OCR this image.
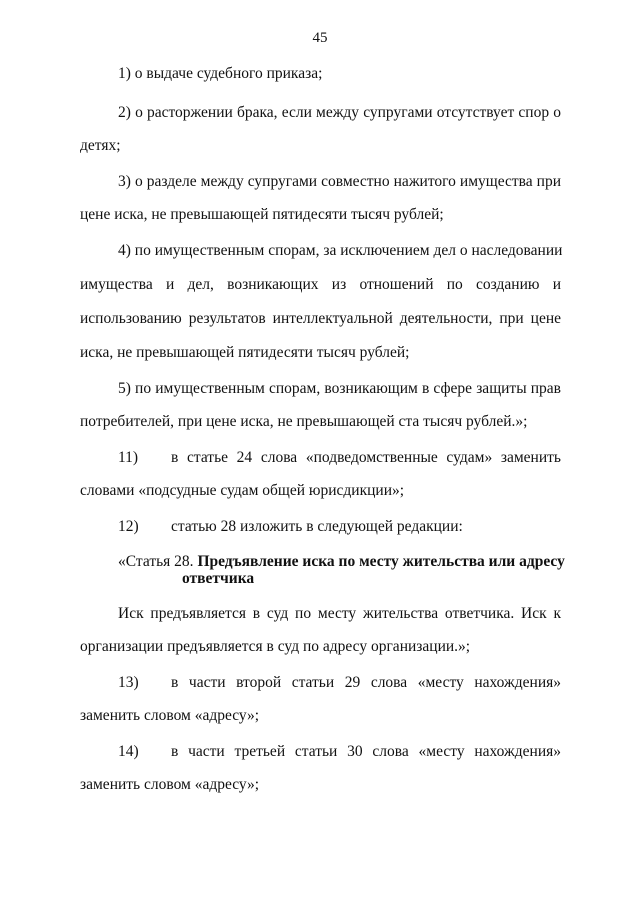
45
1) о выдаче судебного приказа;
2) о расторжении брака, если между супругами отсутствует спор о
детях;
3) о разделе между супругами совместно нажитого имущества при
цене иска, не превышающей пятидесяти тысяч рублей;
4) по имущественным спорам, за исключением дел о наследовании
имущества и дел, возникающих из отношений по созданию и
использованию результатов интеллектуальной деятельности, при цене
иска, не превышающей пятидесяти тысяч рублей;
5) по имущественным спорам, возникающим в сфере защиты прав
потребителей, при цене иска, не превышающей ста тысяч рублей.»;
11) в статье 24 слова «подведомственные судам» заменить
словами «подсудные судам общей юрисдикции»;
12) статью 28 изложить в следующей редакции:
«Статья 28. Предъявление иска по месту жительства или адресу
ответчика
Иск предъявляется в суд по месту жительства ответчика. Иск к
организации предъявляется в суд по адресу организации.»;
13) в части второй статьи 29 слова «месту нахождения»
заменить словом «адресу»;
14) в части третьей статьи 30 слова «месту нахождения»
заменить словом «адресу»;
